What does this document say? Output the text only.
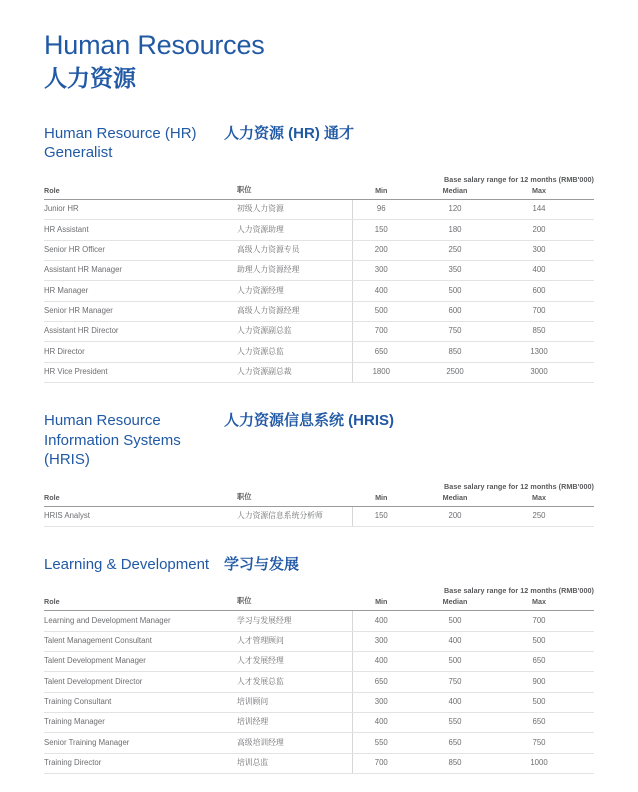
Human Resources
人力资源
Human Resource (HR) Generalist
人力资源 (HR) 通才
Base salary range for 12 months (RMB'000)
Role	职位	Min	Median	Max
Junior HR	初级人力资源	96	120	144
HR Assistant	人力资源助理	150	180	200
Senior HR Officer	高级人力资源专员	200	250	300
Assistant HR Manager	助理人力资源经理	300	350	400
HR Manager	人力资源经理	400	500	600
Senior HR Manager	高级人力资源经理	500	600	700
Assistant HR Director	人力资源副总监	700	750	850
HR Director	人力资源总监	650	850	1300
HR Vice President	人力资源副总裁	1800	2500	3000
Human Resource Information Systems (HRIS)
人力资源信息系统 (HRIS)
Base salary range for 12 months (RMB'000)
Role	职位	Min	Median	Max
HRIS Analyst	人力资源信息系统分析师	150	200	250
Learning & Development 学习与发展
Base salary range for 12 months (RMB'000)
Role	职位	Min	Median	Max
Learning and Development Manager	学习与发展经理	400	500	700
Talent Management Consultant	人才管理顾问	300	400	500
Talent Development Manager	人才发展经理	400	500	650
Talent Development Director	人才发展总监	650	750	900
Training Consultant	培训顾问	300	400	500
Training Manager	培训经理	400	550	650
Senior Training Manager	高级培训经理	550	650	750
Training Director	培训总监	700	850	1000
